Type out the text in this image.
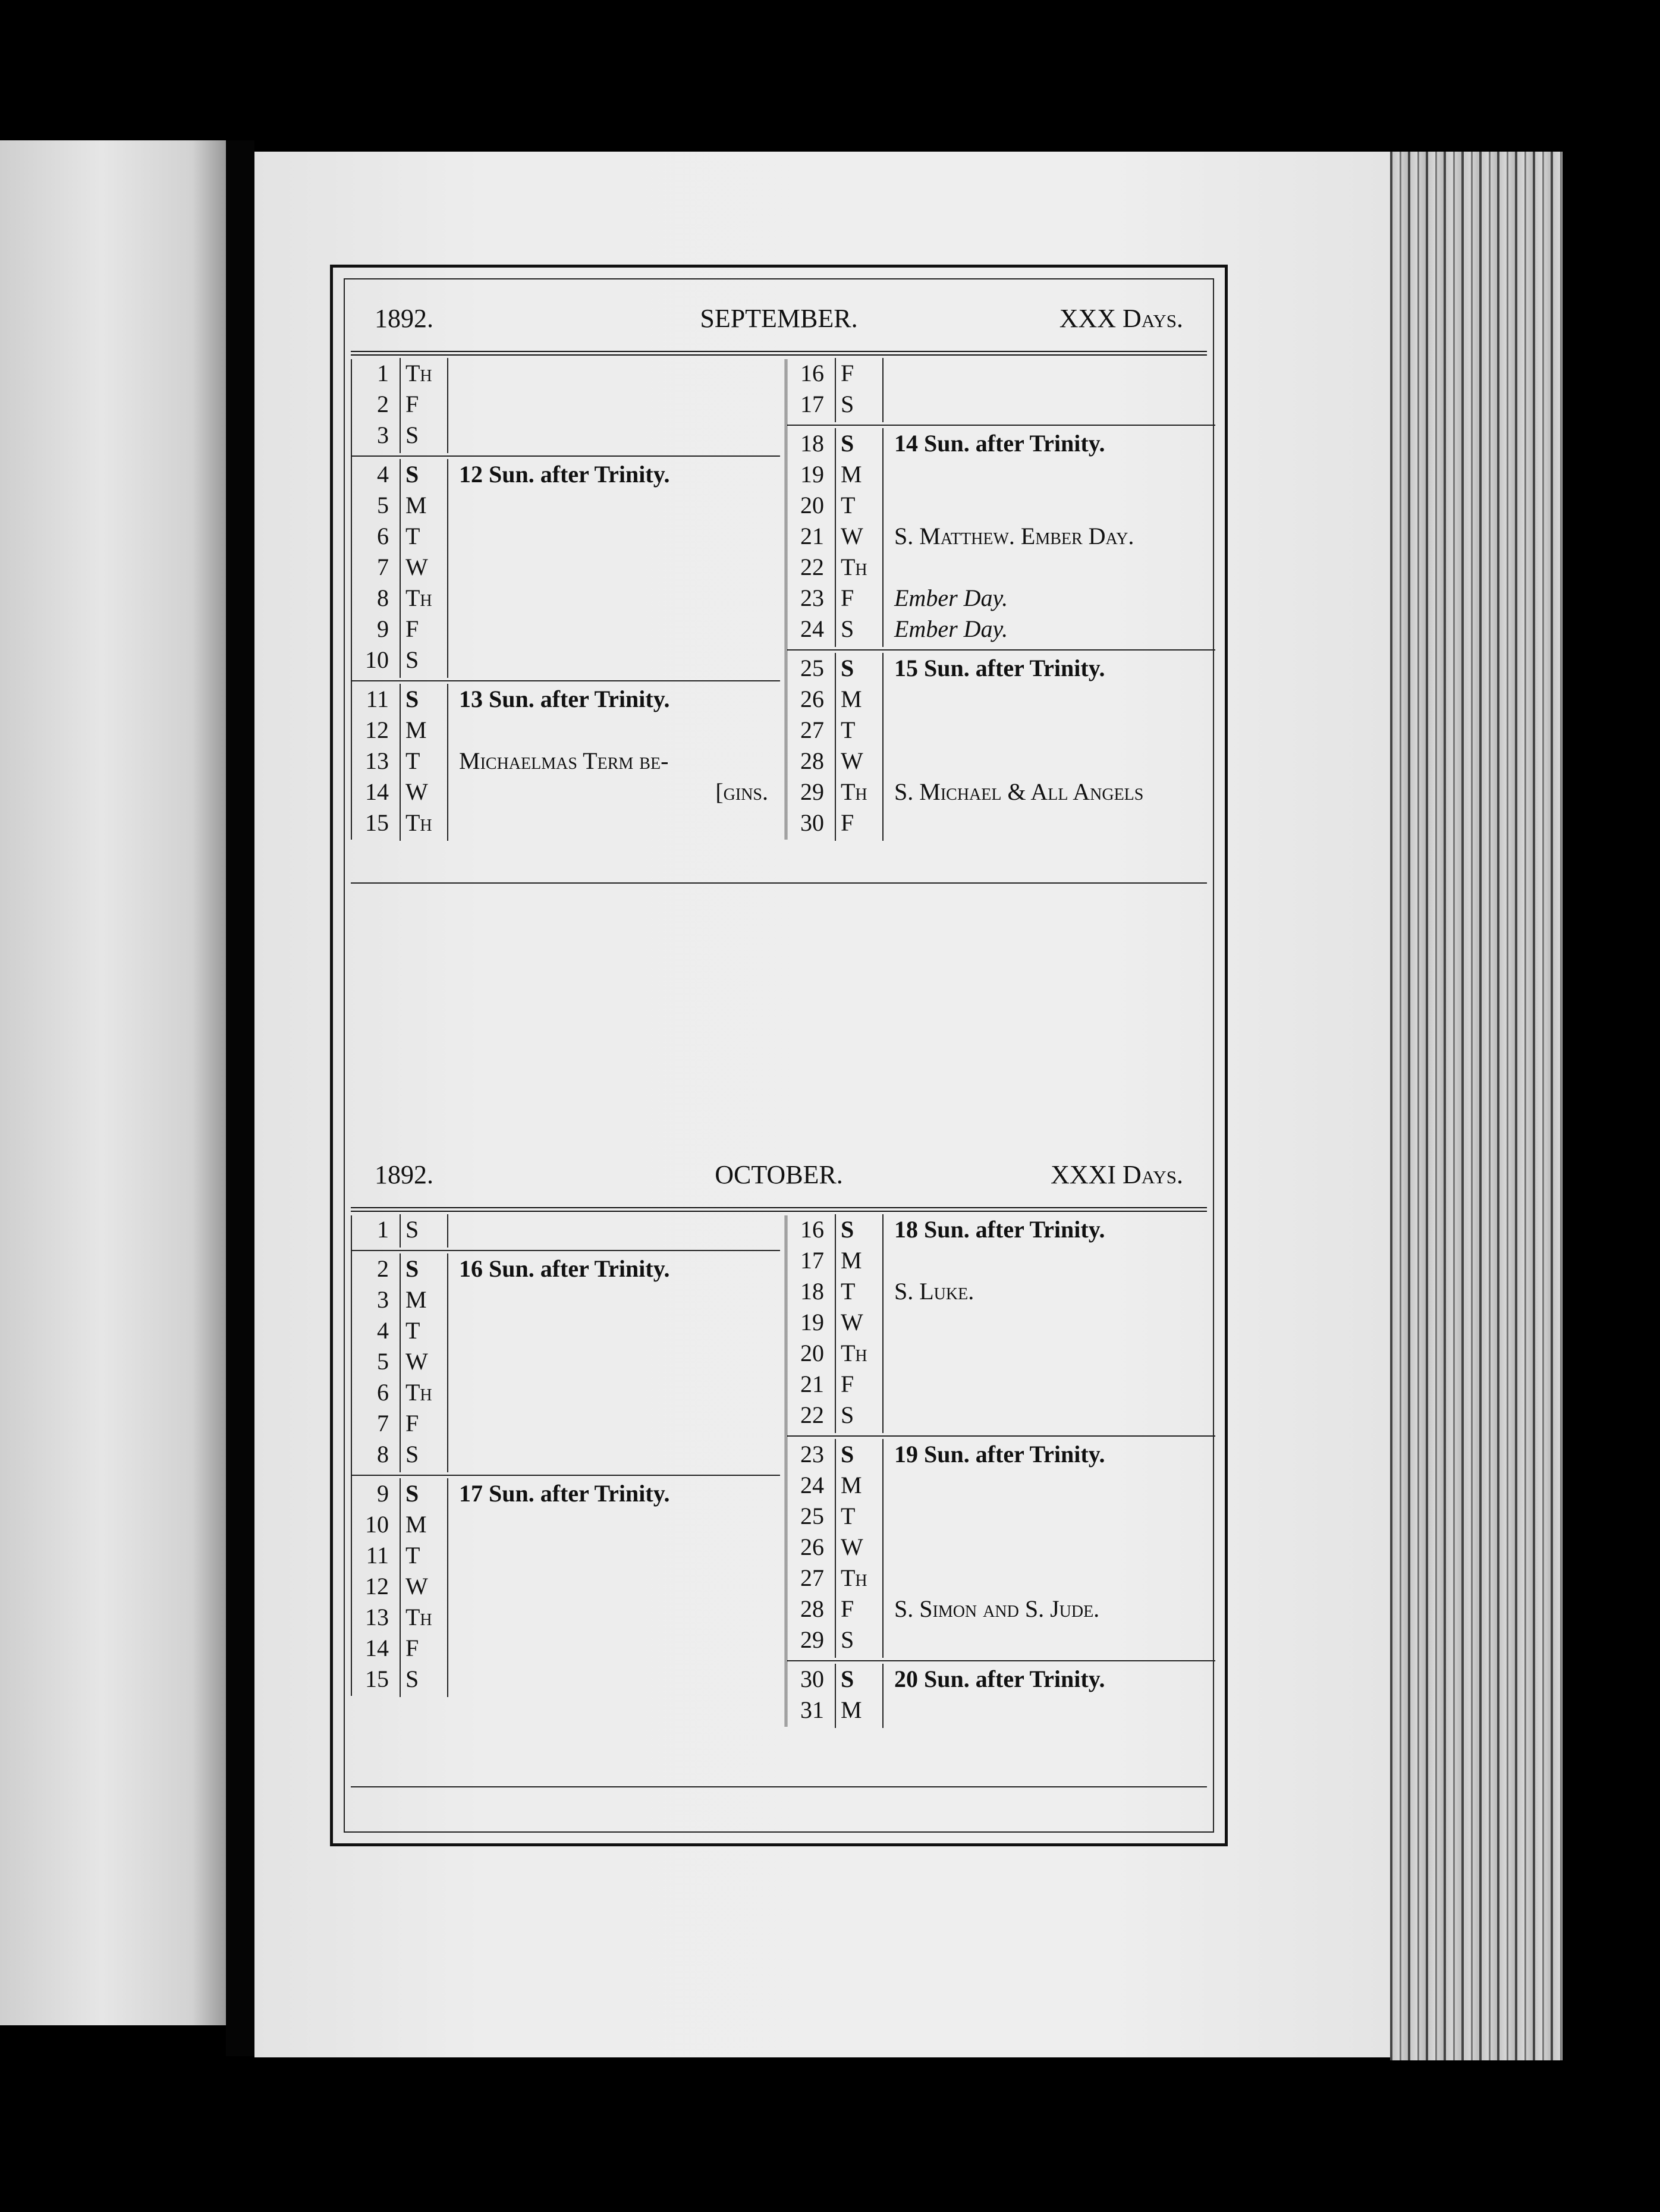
1892.	SEPTEMBER.	XXX Days.
1 Th
2 F
3 S
4 S	12 Sun. after Trinity.
5 M
6 T
7 W
8 Th
9 F
10 S
11 S	13 Sun. after Trinity.
12 M
13 T	Michaelmas Term be-
14 W	[gins.
15 Th
16 F
17 S
18 S	14 Sun. after Trinity.
19 M
20 T
21 W	S. Matthew. Ember Day.
22 Th
23 F	Ember Day.
24 S	Ember Day.
25 S	15 Sun. after Trinity.
26 M
27 T
28 W
29 Th	S. Michael & All Angels
30 F
1892.	OCTOBER.	XXXI Days.
1 S
2 S	16 Sun. after Trinity.
3 M
4 T
5 W
6 Th
7 F
8 S
9 S	17 Sun. after Trinity.
10 M
11 T
12 W
13 Th
14 F
15 S
16 S	18 Sun. after Trinity.
17 M
18 T	S. Luke.
19 W
20 Th
21 F
22 S
23 S	19 Sun. after Trinity.
24 M
25 T
26 W
27 Th
28 F	S. Simon and S. Jude.
29 S
30 S	20 Sun. after Trinity.
31 M
